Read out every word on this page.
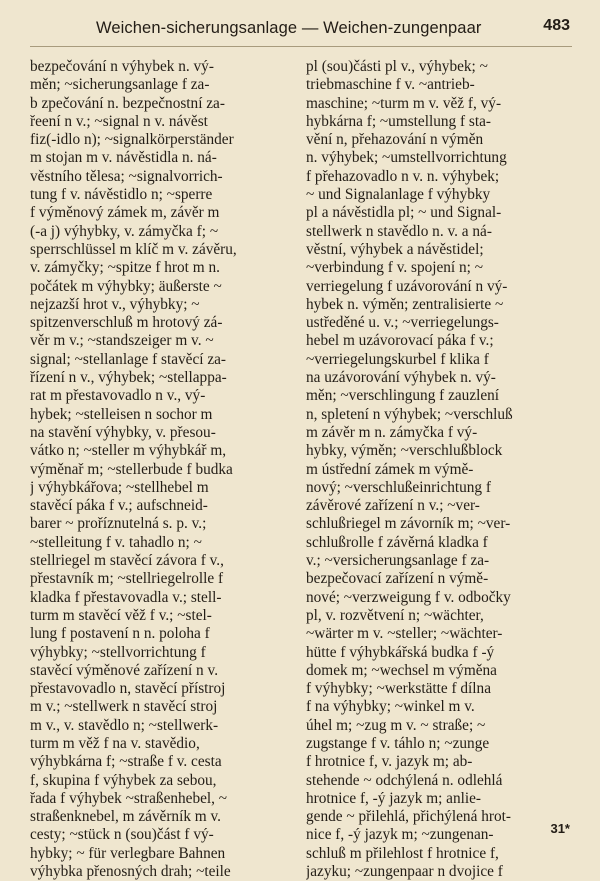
Weichen-sicherungsanlage — Weichen-zungenpaar	483
bezpečování n výhybek n. vý-
měn; ~sicherungsanlage f za-
b zpečování n. bezpečnostní za-
řeení n v.; ~signal n v. návěst
fiz(-idlo n); ~signalkörperständer
m stojan m v. návěstidla n. ná-
věstního tělesa; ~signalvorrich-
tung f v. návěstidlo n; ~sperre
f výměnový zámek m, závěr m
(-a j) výhybky, v. zámyčka f; ~
sperrschlüssel m klíč m v. závěru,
v. zámyčky; ~spitze f hrot m n.
počátek m výhybky; äußerste ~
nejzazší hrot v., výhybky; ~
spitzenverschluß m hrotový zá-
věr m v.; ~standszeiger m v. ~
signal; ~stellanlage f stavěcí za-
řízení n v., výhybek; ~stellappa-
rat m přestavovadlo n v., vý-
hybek; ~stelleisen n sochor m
na stavění výhybky, v. přesou-
vátko n; ~steller m výhybkář m,
výměnař m; ~stellerbude f budka
j výhybkářova; ~stellhebel m
stavěcí páka f v.; aufschneid-
barer ~ proříznutelná s. p. v.;
~stelleitung f v. tahadlo n; ~
stellriegel m stavěcí závora f v.,
přestavník m; ~stellriegelrolle f
kladka f přestavovadla v.; stell-
turm m stavěcí věž f v.; ~stel-
lung f postavení n n. poloha f
výhybky; ~stellvorrichtung f
stavěcí výměnové zařízení n v.
přestavovadlo n, stavěcí přístroj
m v.; ~stellwerk n stavěcí stroj
m v., v. stavědlo n; ~stellwerk-
turm m věž f na v. stavědio,
výhybkárna f; ~straße f v. cesta
f, skupina f výhybek za sebou,
řada f výhybek ~straßenhebel, ~
straßenknebel, m závěrník m v.
cesty; ~stück n (sou)část f vý-
hybky; ~ für verlegbare Bahnen
výhybka přenosných drah; ~teile
pl (sou)části pl v., výhybek; ~
triebmaschine f v. ~antrieb-
maschine; ~turm m v. věž f, vý-
hybkárna f; ~umstellung f sta-
vění n, přehazování n výměn
n. výhybek; ~umstellvorrichtung
f přehazovadlo n v. n. výhybek;
~ und Signalanlage f výhybky
pl a návěstidla pl; ~ und Signal-
stellwerk n stavědlo n. v. a ná-
věstní, výhybek a návěstidel;
~verbindung f v. spojení n; ~
verriegelung f uzávorování n vý-
hybek n. výměn; zentralisierte ~
ustředěné u. v.; ~verriegelungs-
hebel m uzávorovací páka f v.;
~verriegelungskurbel f klika f
na uzávorování výhybek n. vý-
měn; ~verschlingung f zauzlení
n, spletení n výhybek; ~verschluß
m závěr m n. zámyčka f vý-
hybky, výměn; ~verschlußblock
m ústřední zámek m výmě-
nový; ~verschlußeinrichtung f
závěrové zařízení n v.; ~ver-
schlußriegel m závorník m; ~ver-
schlußrolle f závěrná kladka f
v.; ~versicherungsanlage f za-
bezpečovací zařízení n výmě-
nové; ~verzweigung f v. odbočky
pl, v. rozvětvení n; ~wächter,
~wärter m v. ~steller; ~wächter-
hütte f výhybkářská budka f -ý
domek m; ~wechsel m výměna
f výhybky; ~werkstätte f dílna
f na výhybky; ~winkel m v.
úhel m; ~zug m v. ~ straße; ~
zugstange f v. táhlo n; ~zunge
f hrotnice f, v. jazyk m; ab-
stehende ~ odchýlená n. odlehlá
hrotnice f, -ý jazyk m; anlie-
gende ~ přilehlá, přichýlená hrot-
nice f, -ý jazyk m; ~zungenan-
schluß m přilehlost f hrotnice f,
jazyku; ~zungenpaar n dvojice f
31*
